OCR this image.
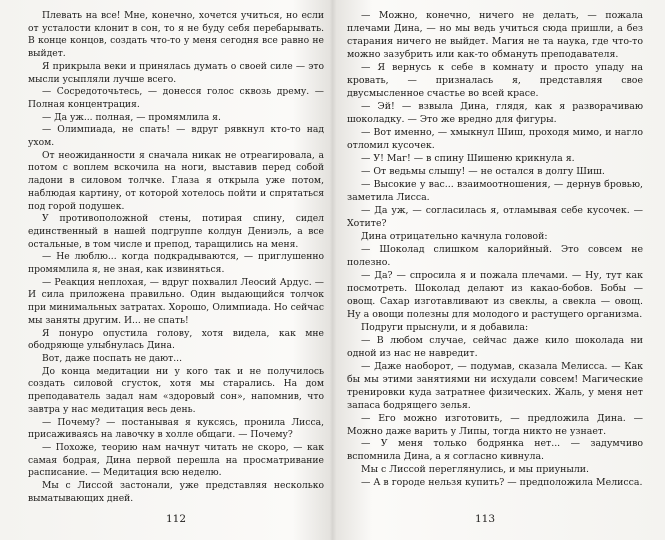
Плевать на все! Мне, конечно, хочется учиться, но если от усталости клонит в сон, то я не буду себя перебарывать. В конце концов, создать что-то у меня сегодня все равно не выйдет.

Я прикрыла веки и принялась думать о своей силе — это мысли усыпляли лучше всего.

— Сосредоточьтесь, — донесся голос сквозь дрему. — Полная концентрация.

— Да уж... полная, — промямлила я.

— Олимпиада, не спать! — вдруг рявкнул кто-то над ухом.

От неожиданности я сначала никак не отреагировала, а потом с воплем вскочила на ноги, выставив перед собой ладони в силовом толчке. Глаза я открыла уже потом, наблюдая картину, от которой хотелось пойти и спрятаться под горой подушек.

У противоположной стены, потирая спину, сидел единственный в нашей подгруппе колдун Дениэль, а все остальные, в том числе и препод, таращились на меня.

— Не люблю... когда подкрадываются, — приглушенно промямлила я, не зная, как извиняться.

— Реакция неплохая, — вдруг похвалил Леосий Ардус. — И сила приложена правильно. Один выдающийся толчок при минимальных затратах. Хорошо, Олимпиада. Но сейчас мы заняты другим. И... не спать!

Я понуро опустила голову, хотя видела, как мне ободряюще улыбнулась Дина.

Вот, даже поспать не дают...

До конца медитации ни у кого так и не получилось создать силовой сгусток, хотя мы старались. На дом преподаватель задал нам «здоровый сон», напомнив, что завтра у нас медитация весь день.

— Почему? — постанывая я куксясь, пронила Лисса, присаживаясь на лавочку в холле общаги. — Почему?

— Похоже, теорию нам начнут читать не скоро, — как самая бодрая, Дина первой перешла на просматривание расписание. — Медитация всю неделю.

Мы с Лиссой застонали, уже представляя несколько выматывающих дней.

112

— Можно, конечно, ничего не делать, — пожала плечами Дина, — но мы ведь учиться сюда пришли, а без старания ничего не выйдет. Магия не та наука, где что-то можно зазубрить или как-то обмануть преподавателя.

— Я вернусь к себе в комнату и просто упаду на кровать, — призналась я, представляя свое двусмысленное счастье во всей красе.

— Эй! — взвыла Дина, глядя, как я разворачиваю шоколадку. — Это же вредно для фигуры.

— Вот именно, — хмыкнул Шиш, проходя мимо, и нагло отломил кусочек.

— У! Маг! — в спину Шишеню крикнула я.

— От ведьмы слышу! — не остался в долгу Шиш.

— Высокие у вас... взаимоотношения, — дернув бровью, заметила Лисса.

— Да уж, — согласилась я, отламывая себе кусочек. — Хотите?

Дина отрицательно качнула головой:

— Шоколад слишком калорийный. Это совсем не полезно.

— Да? — спросила я и пожала плечами. — Ну, тут как посмотреть. Шоколад делают из какао-бобов. Бобы — овощ. Сахар изготавливают из свеклы, а свекла — овощ. Ну а овощи полезны для молодого и растущего организма.

Подруги прыснули, и я добавила:

— В любом случае, сейчас даже кило шоколада ни одной из нас не навредит.

— Даже наоборот, — подумав, сказала Мелисса. — Как бы мы этими занятиями ни исхудали совсем! Магические тренировки куда затратнее физических. Жаль, у меня нет запаса бодрящего зелья.

— Его можно изготовить, — предложила Дина. — Можно даже варить у Липы, тогда никто не узнает.

— У меня только бодрянка нет... — задумчиво вспомнила Дина, а я согласно кивнула.

Мы с Лиссой переглянулись, и мы приуныли.

— А в городе нельзя купить? — предположила Мелисса.

113
